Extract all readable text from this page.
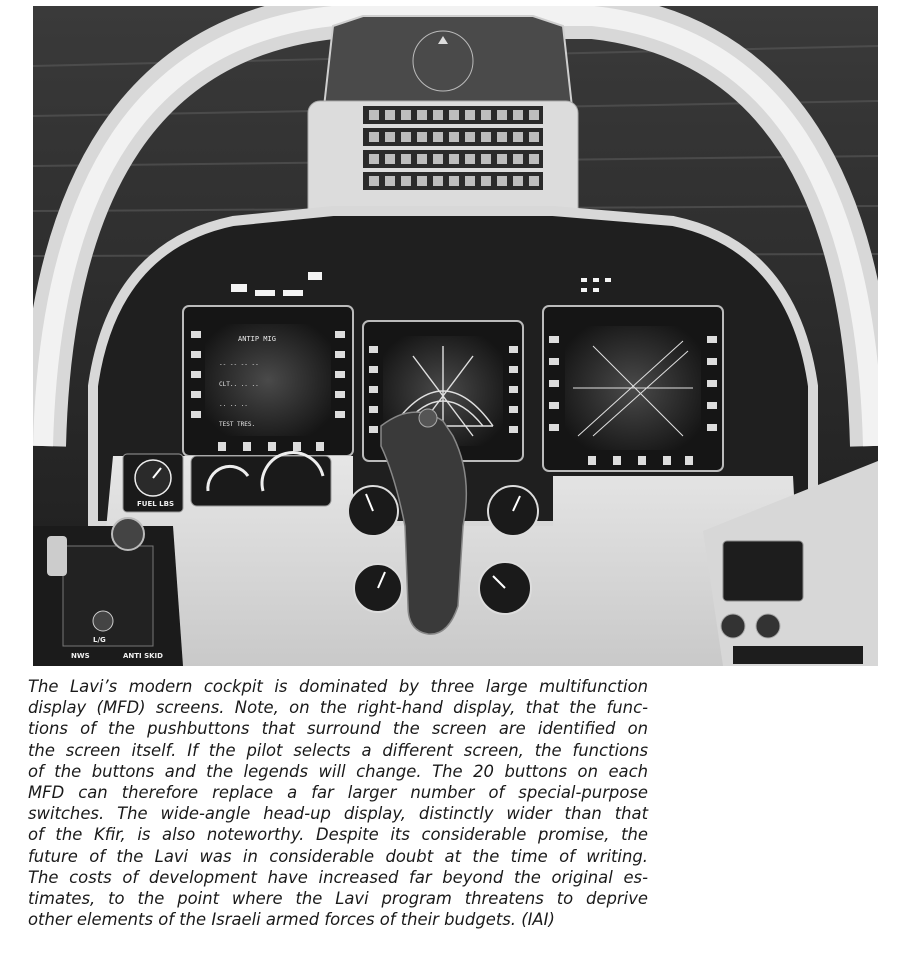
ANTIP MIG
-- -- -- --
CLT.. .. ..
.. .. ..
TEST TRES.
FUEL LBS
L/G
NWS	ANTI SKID
The Lavi’s modern cockpit is dominated by three large multifunction
display (MFD) screens. Note, on the right-hand display, that the func-
tions of the pushbuttons that surround the screen are identified on
the screen itself. If the pilot selects a different screen, the functions
of the buttons and the legends will change. The 20 buttons on each
MFD can therefore replace a far larger number of special-purpose
switches. The wide-angle head-up display, distinctly wider than that
of the Kfir, is also noteworthy. Despite its considerable promise, the
future of the Lavi was in considerable doubt at the time of writing.
The costs of development have increased far beyond the original es-
timates, to the point where the Lavi program threatens to deprive
other elements of the Israeli armed forces of their budgets. (IAI)
